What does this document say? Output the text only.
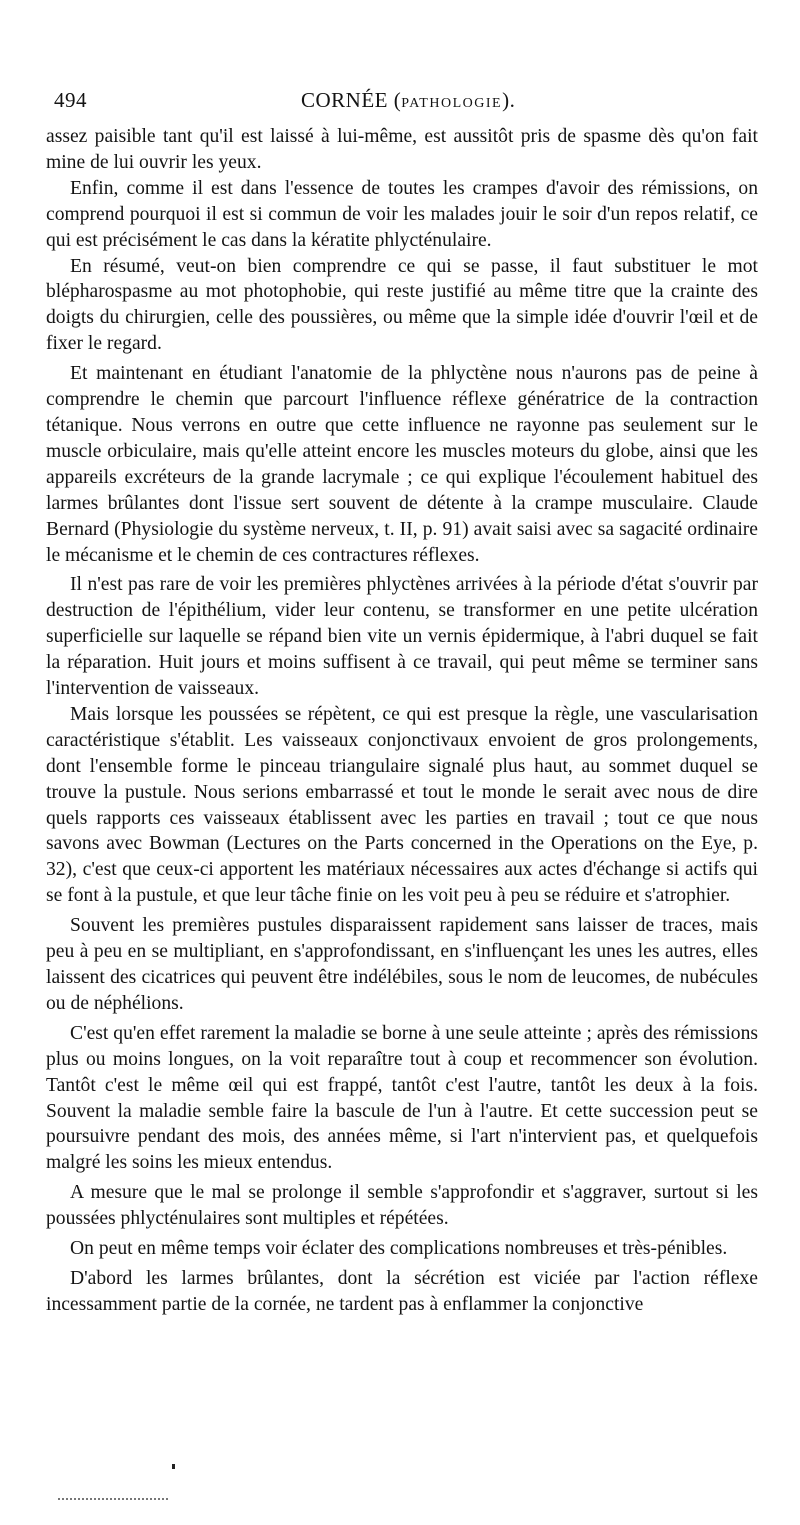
494	CORNÉE (PATHOLOGIE).

assez paisible tant qu'il est laissé à lui-même, est aussitôt pris de spasme dès qu'on fait mine de lui ouvrir les yeux.

Enfin, comme il est dans l'essence de toutes les crampes d'avoir des rémissions, on comprend pourquoi il est si commun de voir les malades jouir le soir d'un repos relatif, ce qui est précisément le cas dans la kératite phlycténulaire.

En résumé, veut-on bien comprendre ce qui se passe, il faut substituer le mot blépharospasme au mot photophobie, qui reste justifié au même titre que la crainte des doigts du chirurgien, celle des poussières, ou même que la simple idée d'ouvrir l'œil et de fixer le regard.

Et maintenant en étudiant l'anatomie de la phlyctène nous n'aurons pas de peine à comprendre le chemin que parcourt l'influence réflexe génératrice de la contraction tétanique. Nous verrons en outre que cette influence ne rayonne pas seulement sur le muscle orbiculaire, mais qu'elle atteint encore les muscles moteurs du globe, ainsi que les appareils excréteurs de la grande lacrymale ; ce qui explique l'écoulement habituel des larmes brûlantes dont l'issue sert souvent de détente à la crampe musculaire. Claude Bernard (Physiologie du système nerveux, t. II, p. 91) avait saisi avec sa sagacité ordinaire le mécanisme et le chemin de ces contractures réflexes.

Il n'est pas rare de voir les premières phlyctènes arrivées à la période d'état s'ouvrir par destruction de l'épithélium, vider leur contenu, se transformer en une petite ulcération superficielle sur laquelle se répand bien vite un vernis épidermique, à l'abri duquel se fait la réparation. Huit jours et moins suffisent à ce travail, qui peut même se terminer sans l'intervention de vaisseaux.

Mais lorsque les poussées se répètent, ce qui est presque la règle, une vascularisation caractéristique s'établit. Les vaisseaux conjonctivaux envoient de gros prolongements, dont l'ensemble forme le pinceau triangulaire signalé plus haut, au sommet duquel se trouve la pustule. Nous serions embarrassé et tout le monde le serait avec nous de dire quels rapports ces vaisseaux établissent avec les parties en travail ; tout ce que nous savons avec Bowman (Lectures on the Parts concerned in the Operations on the Eye, p. 32), c'est que ceux-ci apportent les matériaux nécessaires aux actes d'échange si actifs qui se font à la pustule, et que leur tâche finie on les voit peu à peu se réduire et s'atrophier.

Souvent les premières pustules disparaissent rapidement sans laisser de traces, mais peu à peu en se multipliant, en s'approfondissant, en s'influençant les unes les autres, elles laissent des cicatrices qui peuvent être indélébiles, sous le nom de leucomes, de nubécules ou de néphélions.

C'est qu'en effet rarement la maladie se borne à une seule atteinte ; après des rémissions plus ou moins longues, on la voit reparaître tout à coup et recommencer son évolution. Tantôt c'est le même œil qui est frappé, tantôt c'est l'autre, tantôt les deux à la fois. Souvent la maladie semble faire la bascule de l'un à l'autre. Et cette succession peut se poursuivre pendant des mois, des années même, si l'art n'intervient pas, et quelquefois malgré les soins les mieux entendus.

A mesure que le mal se prolonge il semble s'approfondir et s'aggraver, surtout si les poussées phlycténulaires sont multiples et répétées.

On peut en même temps voir éclater des complications nombreuses et très-pénibles.

D'abord les larmes brûlantes, dont la sécrétion est viciée par l'action réflexe incessamment partie de la cornée, ne tardent pas à enflammer la conjonctive
